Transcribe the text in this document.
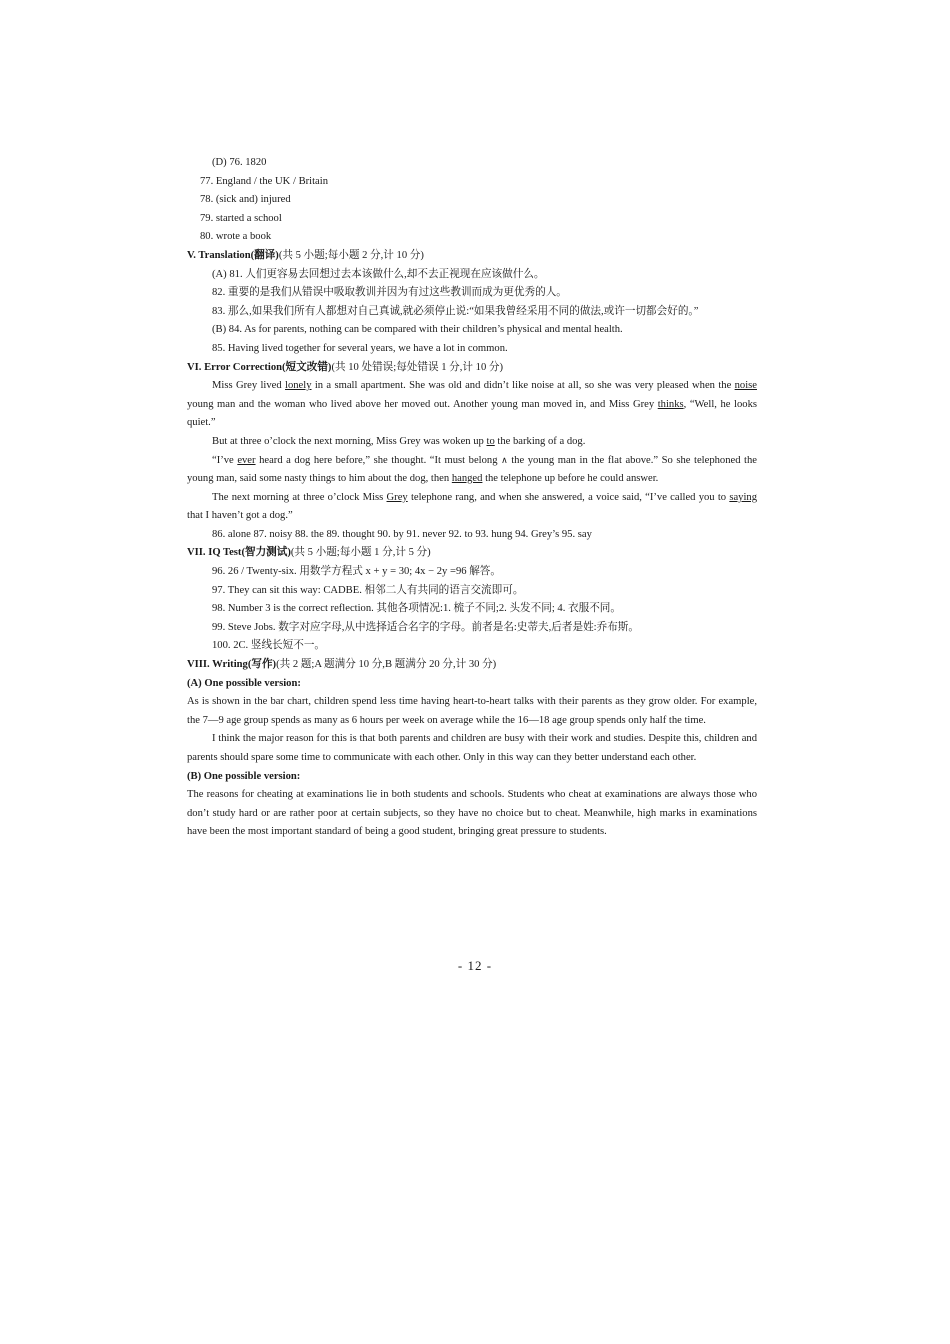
(D) 76. 1820

77. England / the UK / Britain

78. (sick and) injured

79. started a school

80. wrote a book

V. Translation(翻译)(共 5 小题;每小题 2 分,计 10 分)

(A) 81. 人们更容易去回想过去本该做什么,却不去正视现在应该做什么。

82. 重要的是我们从错误中吸取教训并因为有过这些教训而成为更优秀的人。

83. 那么,如果我们所有人都想对自己真诚,就必须停止说:“如果我曾经采用不同的做法,或许一切都会好的。”

(B) 84. As for parents, nothing can be compared with their children’s physical and mental health.

85. Having lived together for several years, we have a lot in common.

VI. Error Correction(短文改错)(共 10 处错误;每处错误 1 分,计 10 分)

Miss Grey lived lonely in a small apartment. She was old and didn’t like noise at all, so she was very pleased when the noise young man and the woman who lived above her moved out. Another young man moved in, and Miss Grey thinks, “Well, he looks quiet.”

But at three o’clock the next morning, Miss Grey was woken up to the barking of a dog.

“I’ve ever heard a dog here before,” she thought. “It must belong ∧ the young man in the flat above.” So she telephoned the young man, said some nasty things to him about the dog, then hanged the telephone up before he could answer.

The next morning at three o’clock Miss Grey telephone rang, and when she answered, a voice said, “I’ve called you to saying that I haven’t got a dog.”

86. alone 87. noisy 88. the 89. thought 90. by 91. never 92. to 93. hung 94. Grey’s 95. say

VII. IQ Test(智力测试)(共 5 小题;每小题 1 分,计 5 分)

96. 26 / Twenty-six. 用数学方程式 x + y = 30; 4x − 2y =96 解答。

97. They can sit this way: CADBE. 相邻二人有共同的语言交流即可。

98. Number 3 is the correct reflection. 其他各项情况:1. 梳子不同;2. 头发不同; 4. 衣服不同。

99. Steve Jobs. 数字对应字母,从中选择适合名字的字母。前者是名:史蒂夫,后者是姓:乔布斯。

100. 2C. 竖线长短不一。

VIII. Writing(写作)(共 2 题;A 题满分 10 分,B 题满分 20 分,计 30 分)

(A) One possible version:

As is shown in the bar chart, children spend less time having heart-to-heart talks with their parents as they grow older. For example, the 7—9 age group spends as many as 6 hours per week on average while the 16—18 age group spends only half the time.

I think the major reason for this is that both parents and children are busy with their work and studies. Despite this, children and parents should spare some time to communicate with each other. Only in this way can they better understand each other.

(B) One possible version:

The reasons for cheating at examinations lie in both students and schools. Students who cheat at examinations are always those who don’t study hard or are rather poor at certain subjects, so they have no choice but to cheat. Meanwhile, high marks in examinations have been the most important standard of being a good student, bringing great pressure to students.

- 12 -
